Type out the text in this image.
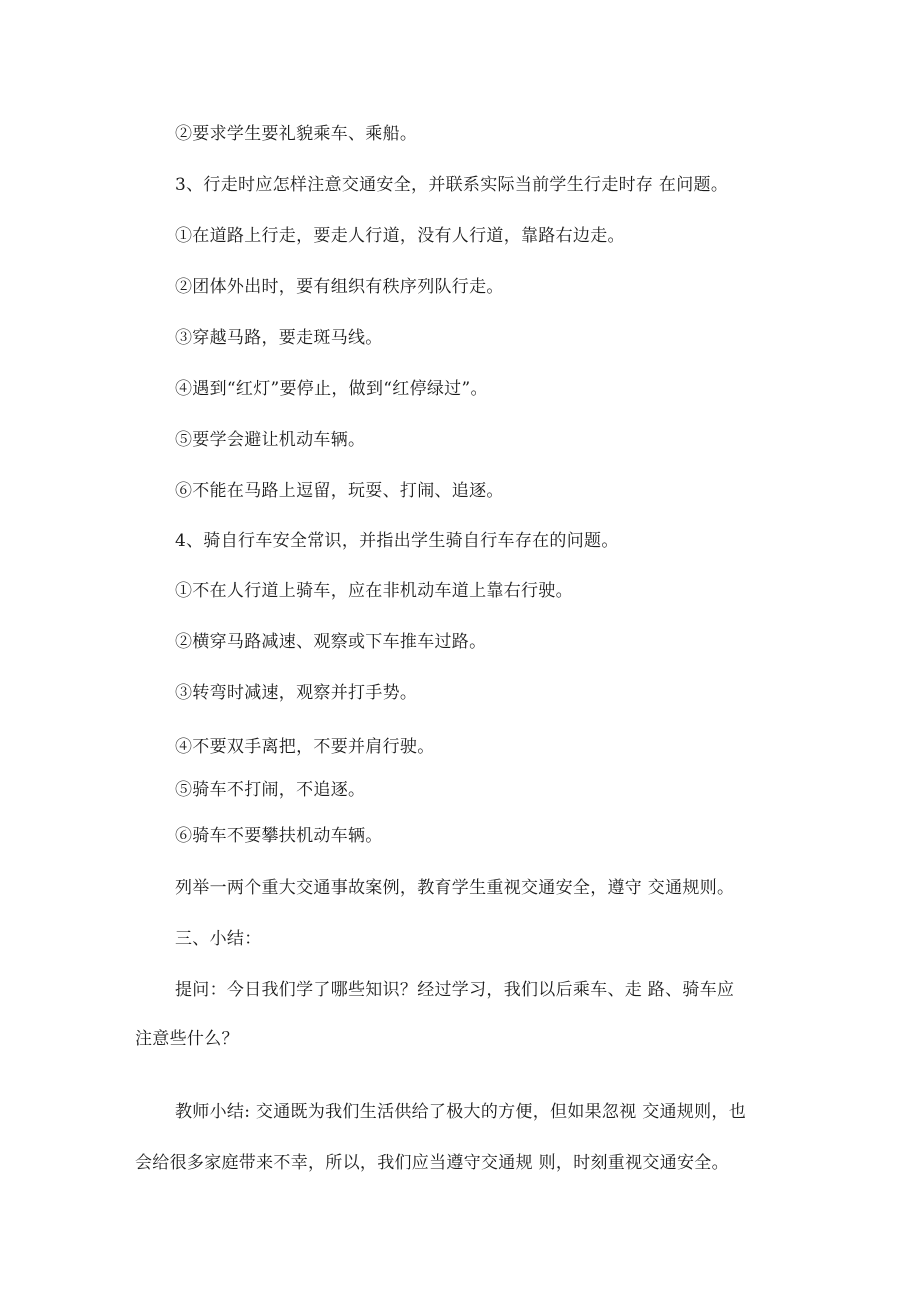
②要求学生要礼貌乘车、乘船。
3、行走时应怎样注意交通安全，并联系实际当前学生行走时存 在问题。
①在道路上行走，要走人行道，没有人行道，靠路右边走。
②团体外出时，要有组织有秩序列队行走。
③穿越马路，要走斑马线。
④遇到“红灯”要停止，做到“红停绿过”。
⑤要学会避让机动车辆。
⑥不能在马路上逗留，玩耍、打闹、追逐。
4、骑自行车安全常识，并指出学生骑自行车存在的问题。
①不在人行道上骑车，应在非机动车道上靠右行驶。
②横穿马路减速、观察或下车推车过路。
③转弯时减速，观察并打手势。
④不要双手离把，不要并肩行驶。
⑤骑车不打闹，不追逐。
⑥骑车不要攀扶机动车辆。
列举一两个重大交通事故案例，教育学生重视交通安全，遵守 交通规则。
三、小结：
提问：今日我们学了哪些知识？经过学习，我们以后乘车、走 路、骑车应
注意些什么？
教师小结: 交通既为我们生活供给了极大的方便，但如果忽视 交通规则，也
会给很多家庭带来不幸，所以，我们应当遵守交通规 则，时刻重视交通安全。
